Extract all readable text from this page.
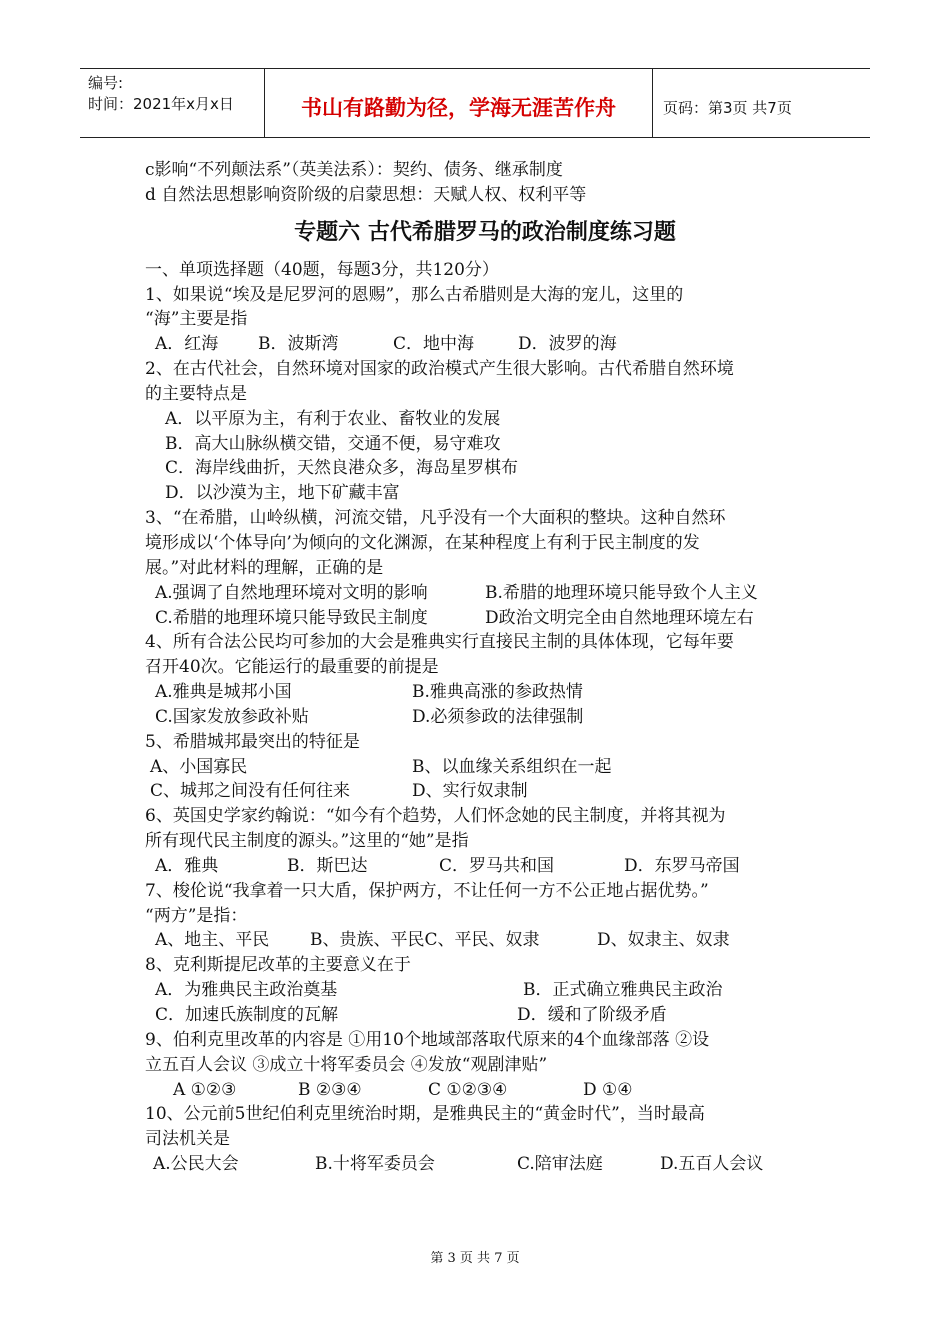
编号:
时间：2021年x月x日	书山有路勤为径，学海无涯苦作舟	页码：第3页 共7页
c影响“不列颠法系”（英美法系）：契约、债务、继承制度
d 自然法思想影响资阶级的启蒙思想：天赋人权、权利平等
专题六 古代希腊罗马的政治制度练习题
一、单项选择题（40题，每题3分，共120分）
1、如果说“埃及是尼罗河的恩赐”，那么古希腊则是大海的宠儿，这里的
“海”主要是指
A．红海	B．波斯湾	C．地中海	D．波罗的海
2、在古代社会，自然环境对国家的政治模式产生很大影响。古代希腊自然环境
的主要特点是
A．以平原为主，有利于农业、畜牧业的发展
B．高大山脉纵横交错，交通不便，易守难攻
C．海岸线曲折，天然良港众多，海岛星罗棋布
D．以沙漠为主，地下矿藏丰富
3、“在希腊，山岭纵横，河流交错，凡乎没有一个大面积的整块。这种自然环
境形成以‘个体导向’为倾向的文化渊源，在某种程度上有利于民主制度的发
展。”对此材料的理解，正确的是
A.强调了自然地理环境对文明的影响	B.希腊的地理环境只能导致个人主义
C.希腊的地理环境只能导致民主制度	D政治文明完全由自然地理环境左右
4、所有合法公民均可参加的大会是雅典实行直接民主制的具体体现，它每年要
召开40次。它能运行的最重要的前提是
A.雅典是城邦小国	B.雅典高涨的参政热情
C.国家发放参政补贴	D.必须参政的法律强制
5、希腊城邦最突出的特征是
A、小国寡民	B、以血缘关系组织在一起
C、城邦之间没有任何往来	D、实行奴隶制
6、英国史学家约翰说：“如今有个趋势，人们怀念她的民主制度，并将其视为
所有现代民主制度的源头。”这里的“她”是指
A．雅典	B．斯巴达	C．罗马共和国	D．东罗马帝国
7、梭伦说“我拿着一只大盾，保护两方，不让任何一方不公正地占据优势。”
“两方”是指：
A、地主、平民	B、贵族、平民C、平民、奴隶	D、奴隶主、奴隶
8、克利斯提尼改革的主要意义在于
A．为雅典民主政治奠基	B．正式确立雅典民主政治
C．加速氏族制度的瓦解	D．缓和了阶级矛盾
9、伯利克里改革的内容是 ①用10个地域部落取代原来的4个血缘部落 ②设
立五百人会议 ③成立十将军委员会 ④发放“观剧津贴”
A ①②③	B ②③④	C ①②③④	D ①④
10、公元前5世纪伯利克里统治时期，是雅典民主的“黄金时代”，当时最高
司法机关是
A.公民大会	B.十将军委员会	C.陪审法庭	D.五百人会议
第 3 页 共 7 页
